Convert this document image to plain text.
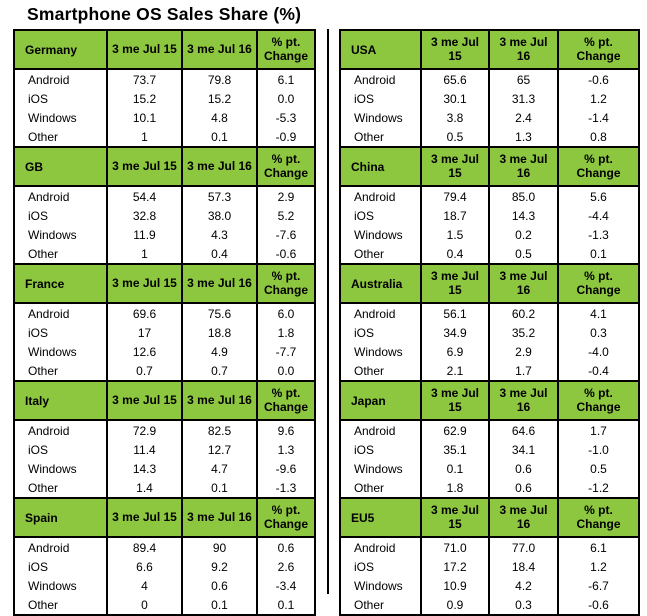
Smartphone OS Sales Share (%)
Germany	3 me Jul 15	3 me Jul 16	% pt. Change
Android	73.7	79.8	6.1
iOS	15.2	15.2	0.0
Windows	10.1	4.8	-5.3
Other	1	0.1	-0.9
GB	3 me Jul 15	3 me Jul 16	% pt. Change
Android	54.4	57.3	2.9
iOS	32.8	38.0	5.2
Windows	11.9	4.3	-7.6
Other	1	0.4	-0.6
France	3 me Jul 15	3 me Jul 16	% pt. Change
Android	69.6	75.6	6.0
iOS	17	18.8	1.8
Windows	12.6	4.9	-7.7
Other	0.7	0.7	0.0
Italy	3 me Jul 15	3 me Jul 16	% pt. Change
Android	72.9	82.5	9.6
iOS	11.4	12.7	1.3
Windows	14.3	4.7	-9.6
Other	1.4	0.1	-1.3
Spain	3 me Jul 15	3 me Jul 16	% pt. Change
Android	89.4	90	0.6
iOS	6.6	9.2	2.6
Windows	4	0.6	-3.4
Other	0	0.1	0.1
USA	3 me Jul 15	3 me Jul 16	% pt. Change
Android	65.6	65	-0.6
iOS	30.1	31.3	1.2
Windows	3.8	2.4	-1.4
Other	0.5	1.3	0.8
China	3 me Jul 15	3 me Jul 16	% pt. Change
Android	79.4	85.0	5.6
iOS	18.7	14.3	-4.4
Windows	1.5	0.2	-1.3
Other	0.4	0.5	0.1
Australia	3 me Jul 15	3 me Jul 16	% pt. Change
Android	56.1	60.2	4.1
iOS	34.9	35.2	0.3
Windows	6.9	2.9	-4.0
Other	2.1	1.7	-0.4
Japan	3 me Jul 15	3 me Jul 16	% pt. Change
Android	62.9	64.6	1.7
iOS	35.1	34.1	-1.0
Windows	0.1	0.6	0.5
Other	1.8	0.6	-1.2
EU5	3 me Jul 15	3 me Jul 16	% pt. Change
Android	71.0	77.0	6.1
iOS	17.2	18.4	1.2
Windows	10.9	4.2	-6.7
Other	0.9	0.3	-0.6
